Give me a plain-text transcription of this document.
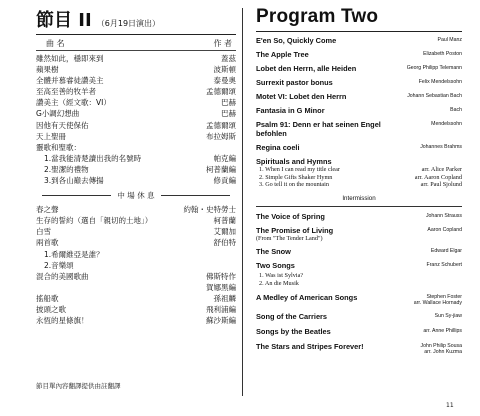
節目 II （6月19日演出）
曲 名	作 者
雖然如此，穩即來到	蓋茲
蘋果樹	波斯頓
全體并慕睿徒讚美主	泰曼奧
至高至善的牧羊者	孟德爾頌
讚美主（經文歌：VI）	巴赫
G小調幻想曲	巴赫
因他有天使保佑	孟德爾頌
天上聖冊	布拉姆斯
靈歌和聖歌：
1.當我能清楚讀出我的名號時	帕克編
2.聖潔的禮物	柯普蘭編
3.到各山巔去傳揚	修貢編
中 場 休 息
春之聲	約翰・史特勞士
生存的誓約（選自「親切的土地」）	柯普蘭
白雪	艾爾加
兩首歌	舒伯特
1.希爾維亞是誰？
2.音樂頌
混合的美國歌曲	佛斯特作
賀娜黑編
搖船歌	孫祖麟
披頭之歌	飛利浦編
永恆的星條旗！	蘇沙斯編
節目單內容翻譯提供由註翻譯
Program Two
E'en So, Quickly Come	Paul Manz
The Apple Tree	Elizabeth Poston
Lobet den Herrn, alle Heiden	Georg Philipp Telemann
Surrexit pastor bonus	Felix Mendelssohn
Motet VI: Lobet den Herrn	Johann Sebastian Bach
Fantasia in G Minor	Bach
Psalm 91: Denn er hat seinen Engel befohlen
Mendelssohn
Regina coeli	Johannes Brahms
Spirituals and Hymns
1. When I can read my title clear	arr. Alice Parker
2. Simple Gifts Shaker Hymn	arr. Aaron Copland
3. Go tell it on the mountain	arr. Paul Sjolund
Intermission
The Voice of Spring	Johann Strauss
The Promise of Living	Aaron Copland
(From "The Tender Land")
The Snow	Edward Elgar
Two Songs	Franz Schubert
1. Was ist Sylvia?
2. An die Musik
A Medley of American Songs	Stephen Foster
arr. Wallace Hornady
Song of the Carriers	Sun Sy-jiaw
Songs by the Beatles	arr. Anne Phillips
The Stars and Stripes Forever!	John Philip Sousa
arr. John Kuzma
11
